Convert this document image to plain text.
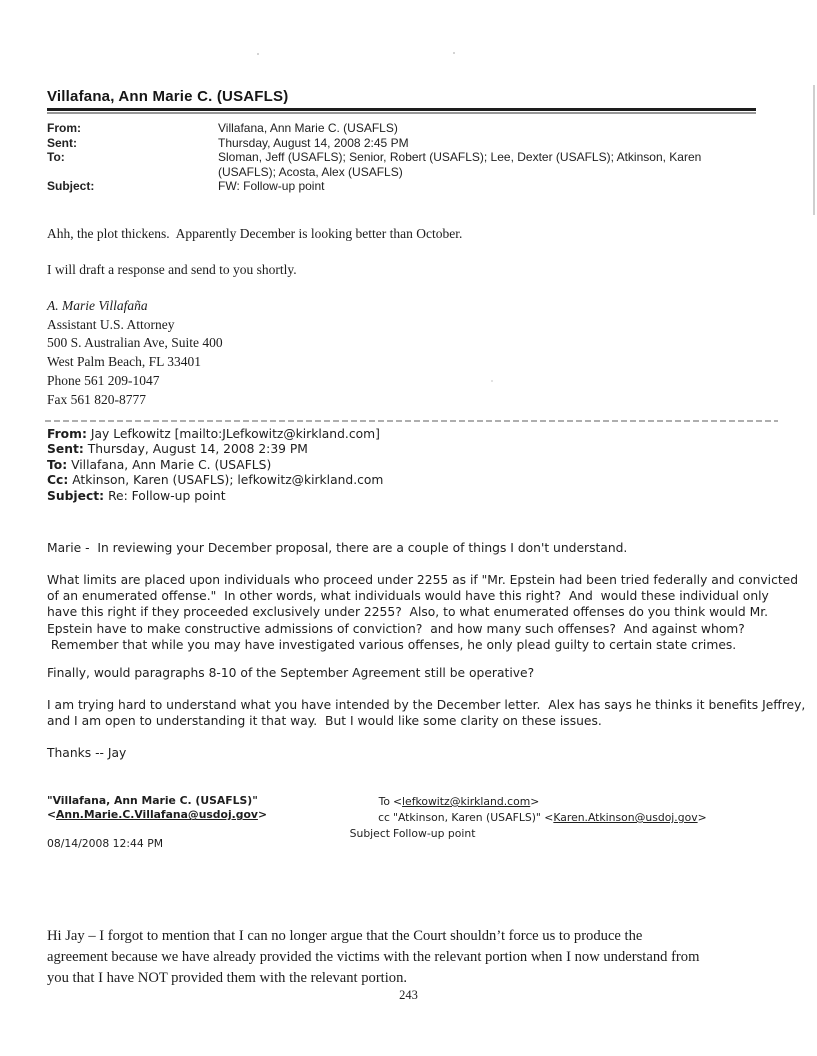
Villafana, Ann Marie C. (USAFLS)
From:	Villafana, Ann Marie C. (USAFLS)
Sent:	Thursday, August 14, 2008 2:45 PM
To:	Sloman, Jeff (USAFLS); Senior, Robert (USAFLS); Lee, Dexter (USAFLS); Atkinson, Karen (USAFLS); Acosta, Alex (USAFLS)
Subject:	FW: Follow-up point
Ahh, the plot thickens.  Apparently December is looking better than October.
I will draft a response and send to you shortly.
A. Marie Villafaña
Assistant U.S. Attorney
500 S. Australian Ave, Suite 400
West Palm Beach, FL 33401
Phone 561 209-1047
Fax 561 820-8777
From: Jay Lefkowitz [mailto:JLefkowitz@kirkland.com]
Sent: Thursday, August 14, 2008 2:39 PM
To: Villafana, Ann Marie C. (USAFLS)
Cc: Atkinson, Karen (USAFLS); lefkowitz@kirkland.com
Subject: Re: Follow-up point
Marie -  In reviewing your December proposal, there are a couple of things I don't understand.
What limits are placed upon individuals who proceed under 2255 as if "Mr. Epstein had been tried federally and convicted
of an enumerated offense."  In other words, what individuals would have this right?  And  would these individual only
have this right if they proceeded exclusively under 2255?  Also, to what enumerated offenses do you think would Mr.
Epstein have to make constructive admissions of conviction?  and how many such offenses?  And against whom?
Remember that while you may have investigated various offenses, he only plead guilty to certain state crimes.
Finally, would paragraphs 8-10 of the September Agreement still be operative?
I am trying hard to understand what you have intended by the December letter.  Alex has says he thinks it benefits Jeffrey,
and I am open to understanding it that way.  But I would like some clarity on these issues.
Thanks -- Jay
"Villafana, Ann Marie C. (USAFLS)"
<Ann.Marie.C.Villafana@usdoj.gov>
08/14/2008 12:44 PM
To <lefkowitz@kirkland.com>
cc "Atkinson, Karen (USAFLS)" <Karen.Atkinson@usdoj.gov>
Subject Follow-up point
Hi Jay – I forgot to mention that I can no longer argue that the Court shouldn’t force us to produce the
agreement because we have already provided the victims with the relevant portion when I now understand from
you that I have NOT provided them with the relevant portion.
243
